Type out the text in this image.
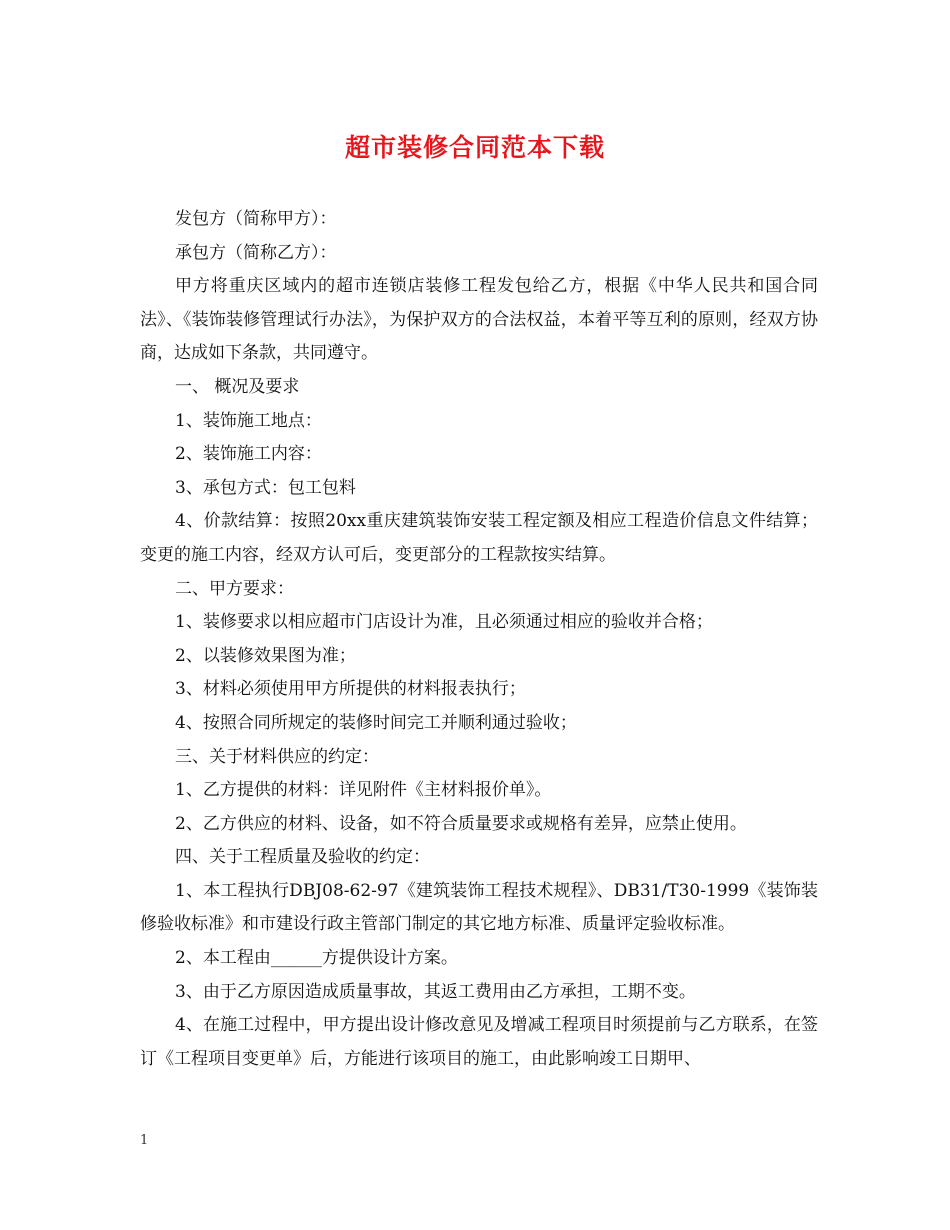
超市装修合同范本下载

发包方（简称甲方）：

承包方（简称乙方）：

甲方将重庆区域内的超市连锁店装修工程发包给乙方，根据《中华人民共和国合同法》、《装饰装修管理试行办法》，为保护双方的合法权益，本着平等互利的原则，经双方协商，达成如下条款，共同遵守。

一、 概况及要求

1、装饰施工地点：

2、装饰施工内容：

3、承包方式：包工包料

4、价款结算：按照20xx重庆建筑装饰安装工程定额及相应工程造价信息文件结算；变更的施工内容，经双方认可后，变更部分的工程款按实结算。

二、甲方要求：

1、装修要求以相应超市门店设计为准，且必须通过相应的验收并合格；

2、以装修效果图为准；

3、材料必须使用甲方所提供的材料报表执行；

4、按照合同所规定的装修时间完工并顺利通过验收；

三、关于材料供应的约定：

1、乙方提供的材料：详见附件《主材料报价单》。

2、乙方供应的材料、设备，如不符合质量要求或规格有差异，应禁止使用。

四、关于工程质量及验收的约定：

1、本工程执行DBJ08-62-97《建筑装饰工程技术规程》、DB31/T30-1999《装饰装修验收标准》和市建设行政主管部门制定的其它地方标准、质量评定验收标准。

2、本工程由______方提供设计方案。

3、由于乙方原因造成质量事故，其返工费用由乙方承担，工期不变。

4、在施工过程中，甲方提出设计修改意见及增减工程项目时须提前与乙方联系，在签订《工程项目变更单》后，方能进行该项目的施工，由此影响竣工日期甲、

1
